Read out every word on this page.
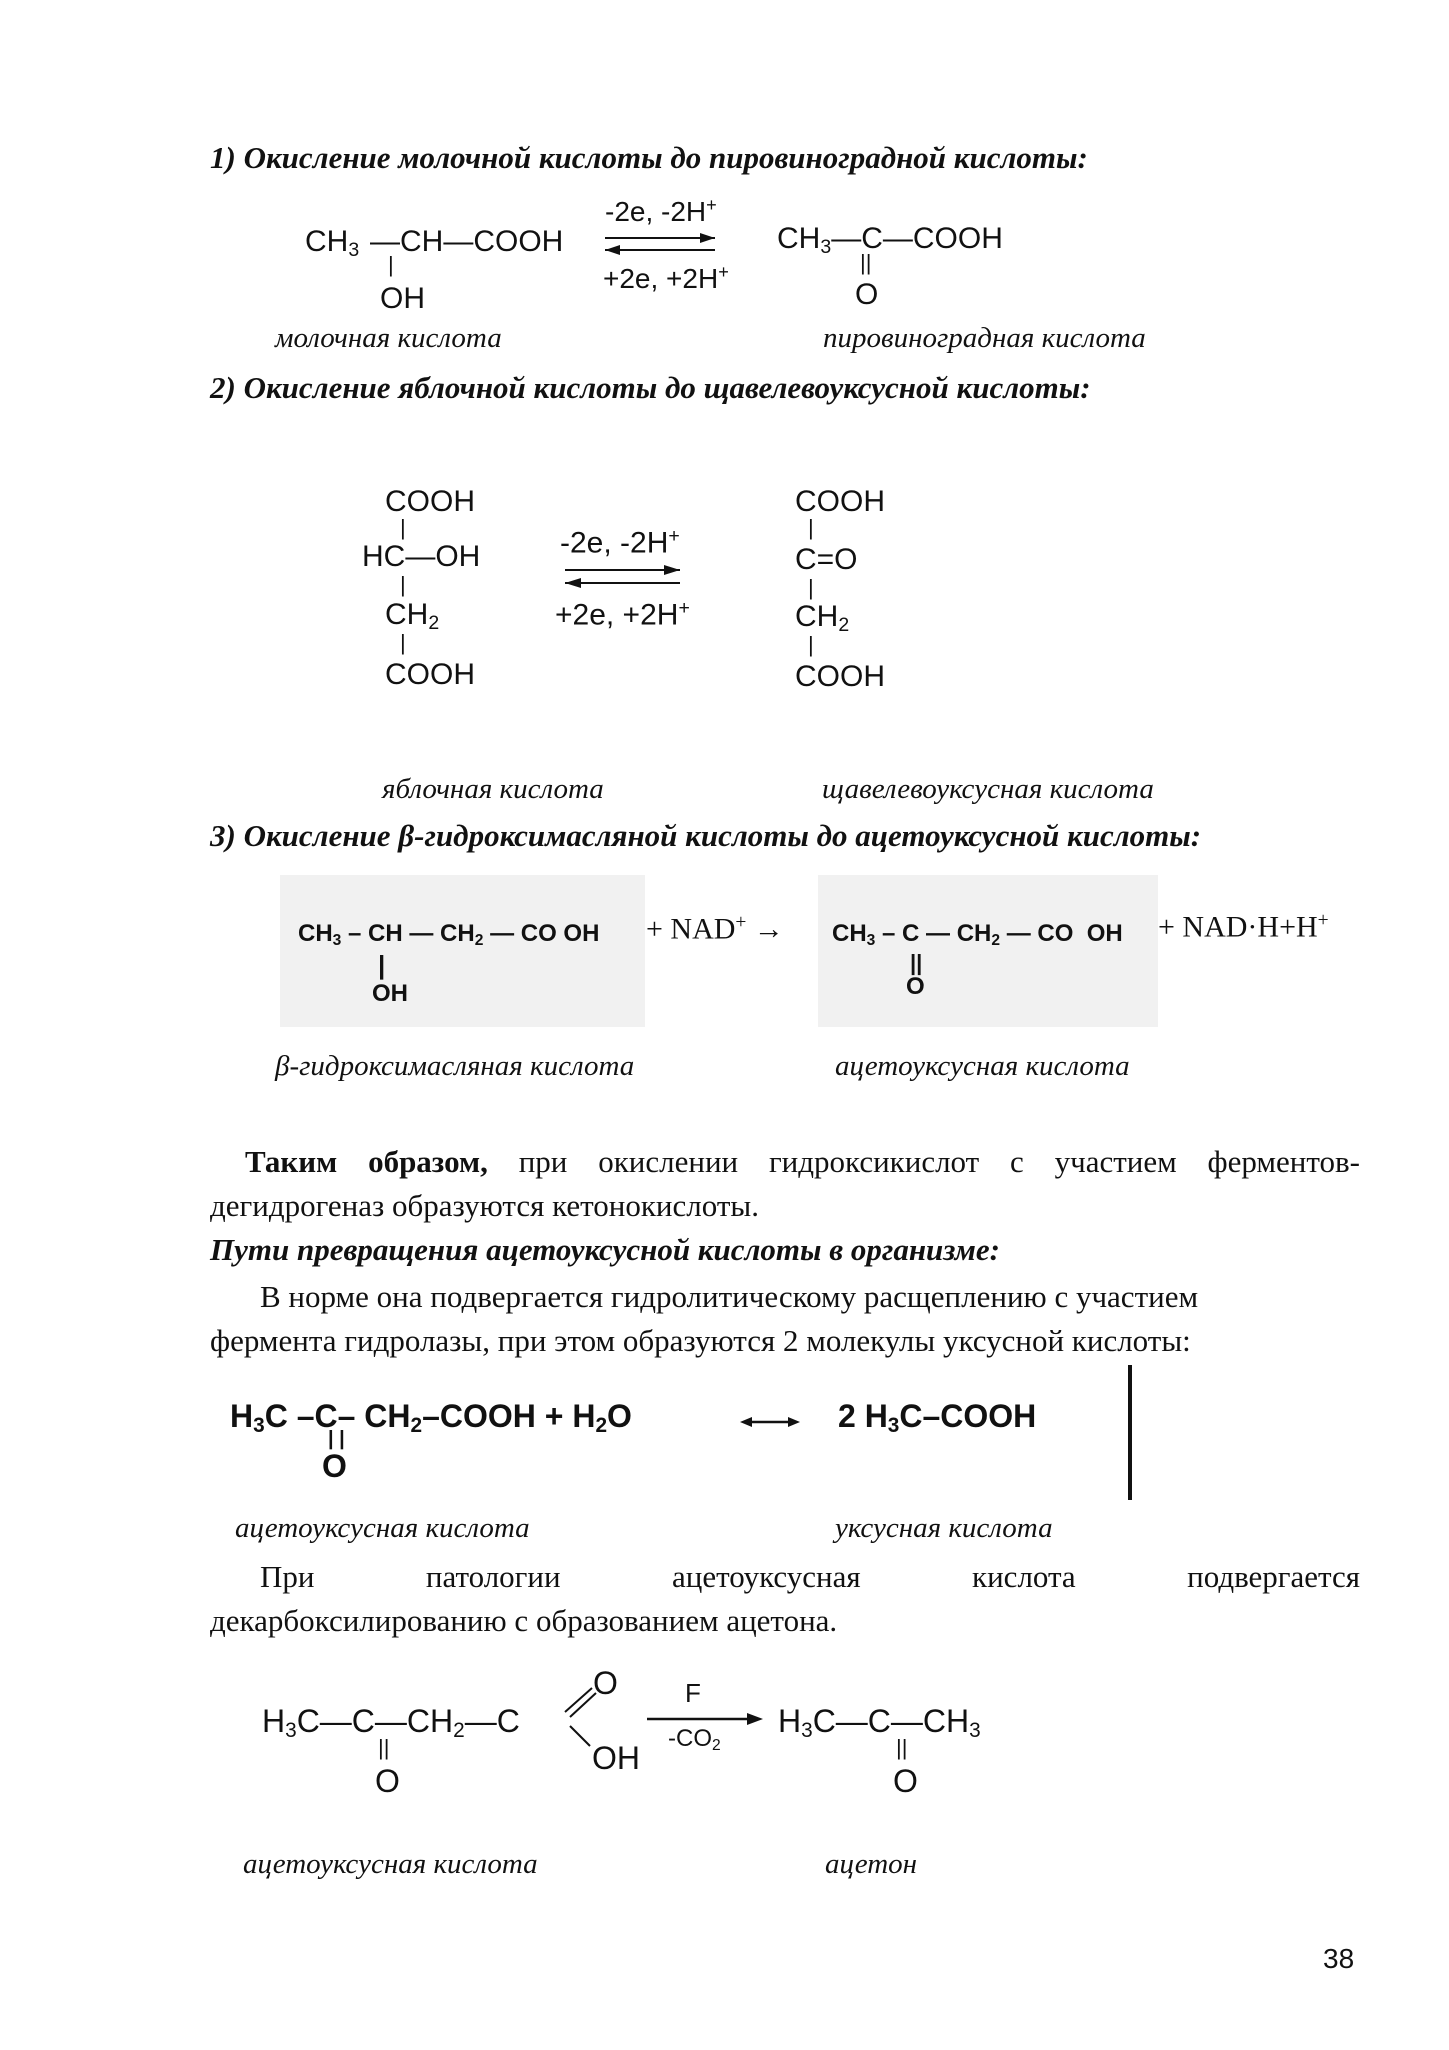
1) Окисление молочной кислоты до пировиноградной кислоты:
$CH_3$ —CH—COOH
|
OH
-2e, -2H+
+2e, +2H+
$CH_3—C—COOH$
||
O
молочная кислота	пировиноградная кислота
2) Окисление яблочной кислоты до щавелевоуксусной кислоты:
COOH
|
HC—OH
|
$CH_2$
|
COOH
-2e, -2H+
+2e, +2H+
COOH
|
C=O
|
$CH_2$
|
COOH
яблочная кислота	щавелевоуксусная кислота
3) Окисление β-гидроксимасляной кислоты до ацетоуксусной кислоты:
$CH_3$ – CH — $CH_2$ — CO OH
|
OH
+ $NAD^+ \to CH_3 - C$ — $CH_2$ — CO  OH
||
O
+ NAD·H+H+
β-гидроксимасляная кислота	ацетоуксусная кислота
Таким образом, при окислении гидроксикислот с участием ферментов-
дегидрогеназ образуются кетонокислоты.
Пути превращения ацетоуксусной кислоты в организме:
В норме она подвергается гидролитическому расщеплению с участием
фермента гидролазы, при этом образуются 2 молекулы уксусной кислоты:
$H_3C$ –C– $CH_2$–COOH + $H_2O$
| |
O
2 $H_3C$–COOH
ацетоуксусная кислота	уксусная кислота
При	патологии	ацетоуксусная	кислота	подвергается
декарбоксилированию с образованием ацетона.
$H_3C—C—CH_2—C$
||
O
O
OH
F
$-CO_2$
$H_3C—C—CH_3$
||
O
ацетоуксусная кислота	ацетон
38
